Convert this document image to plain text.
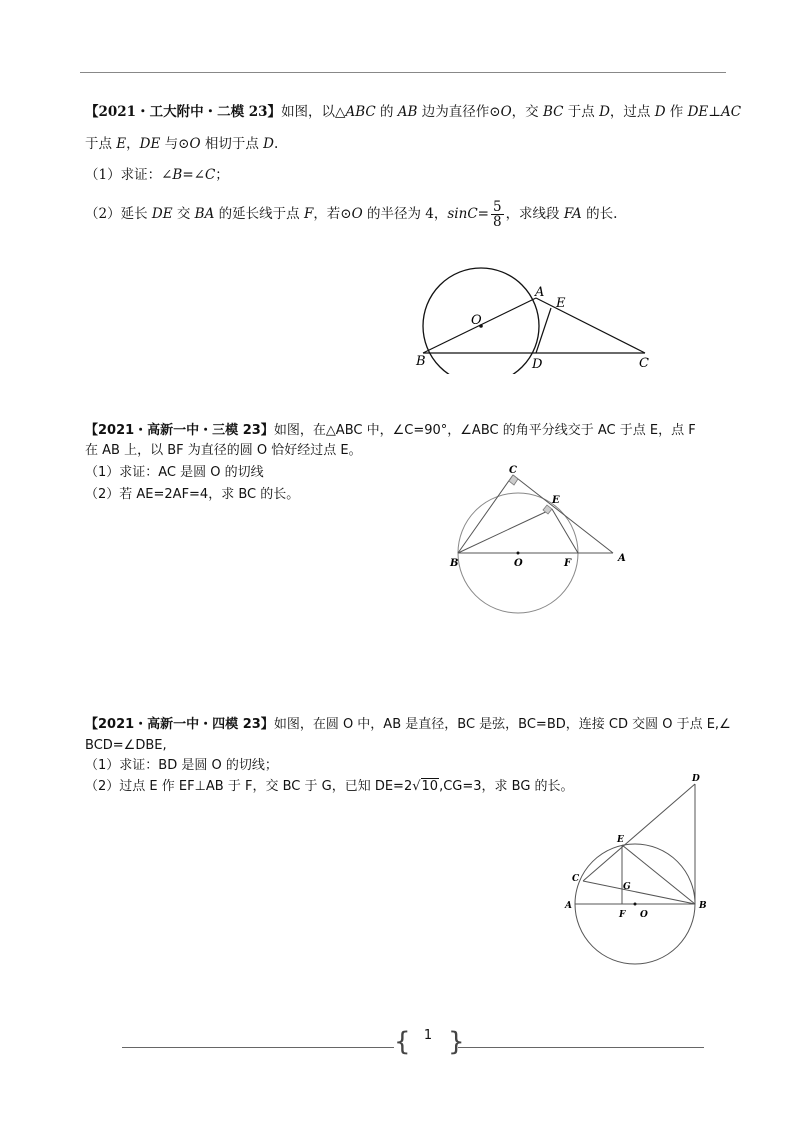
【2021・工大附中・二模 23】如图，以△ABC 的 AB 边为直径作⊙O，交 BC 于点 D，过点 D 作 DE⊥AC
于点 E，DE 与⊙O 相切于点 D.
（1）求证：∠B=∠C；
（2）延长 DE 交 BA 的延长线于点 F，若⊙O 的半径为 4，$\sin C= \frac{5}{8}$ ，求线段 FA 的长.
A
E
O
B	D	C
【2021・高新一中・三模 23】如图，在△ABC 中，∠C=90°，∠ABC 的角平分线交于 AC 于点 E，点 F
在 AB 上，以 BF 为直径的圆 O 恰好经过点 E。
（1）求证：AC 是圆 O 的切线
（2）若 AE=2AF=4，求 BC 的长。
C
E
B	O	F	A
【2021・高新一中・四模 23】如图，在圆 O 中，AB 是直径，BC 是弦，BC=BD，连接 CD 交圆 O 于点 E,∠
BCD=∠DBE,
（1）求证：BD 是圆 O 的切线；
（2）过点 E 作 EF⊥AB 于 F，交 BC 于 G，已知 DE=2√10,CG=3，求 BG 的长。	D
E
C
G
A
F O
B
{ }
1
